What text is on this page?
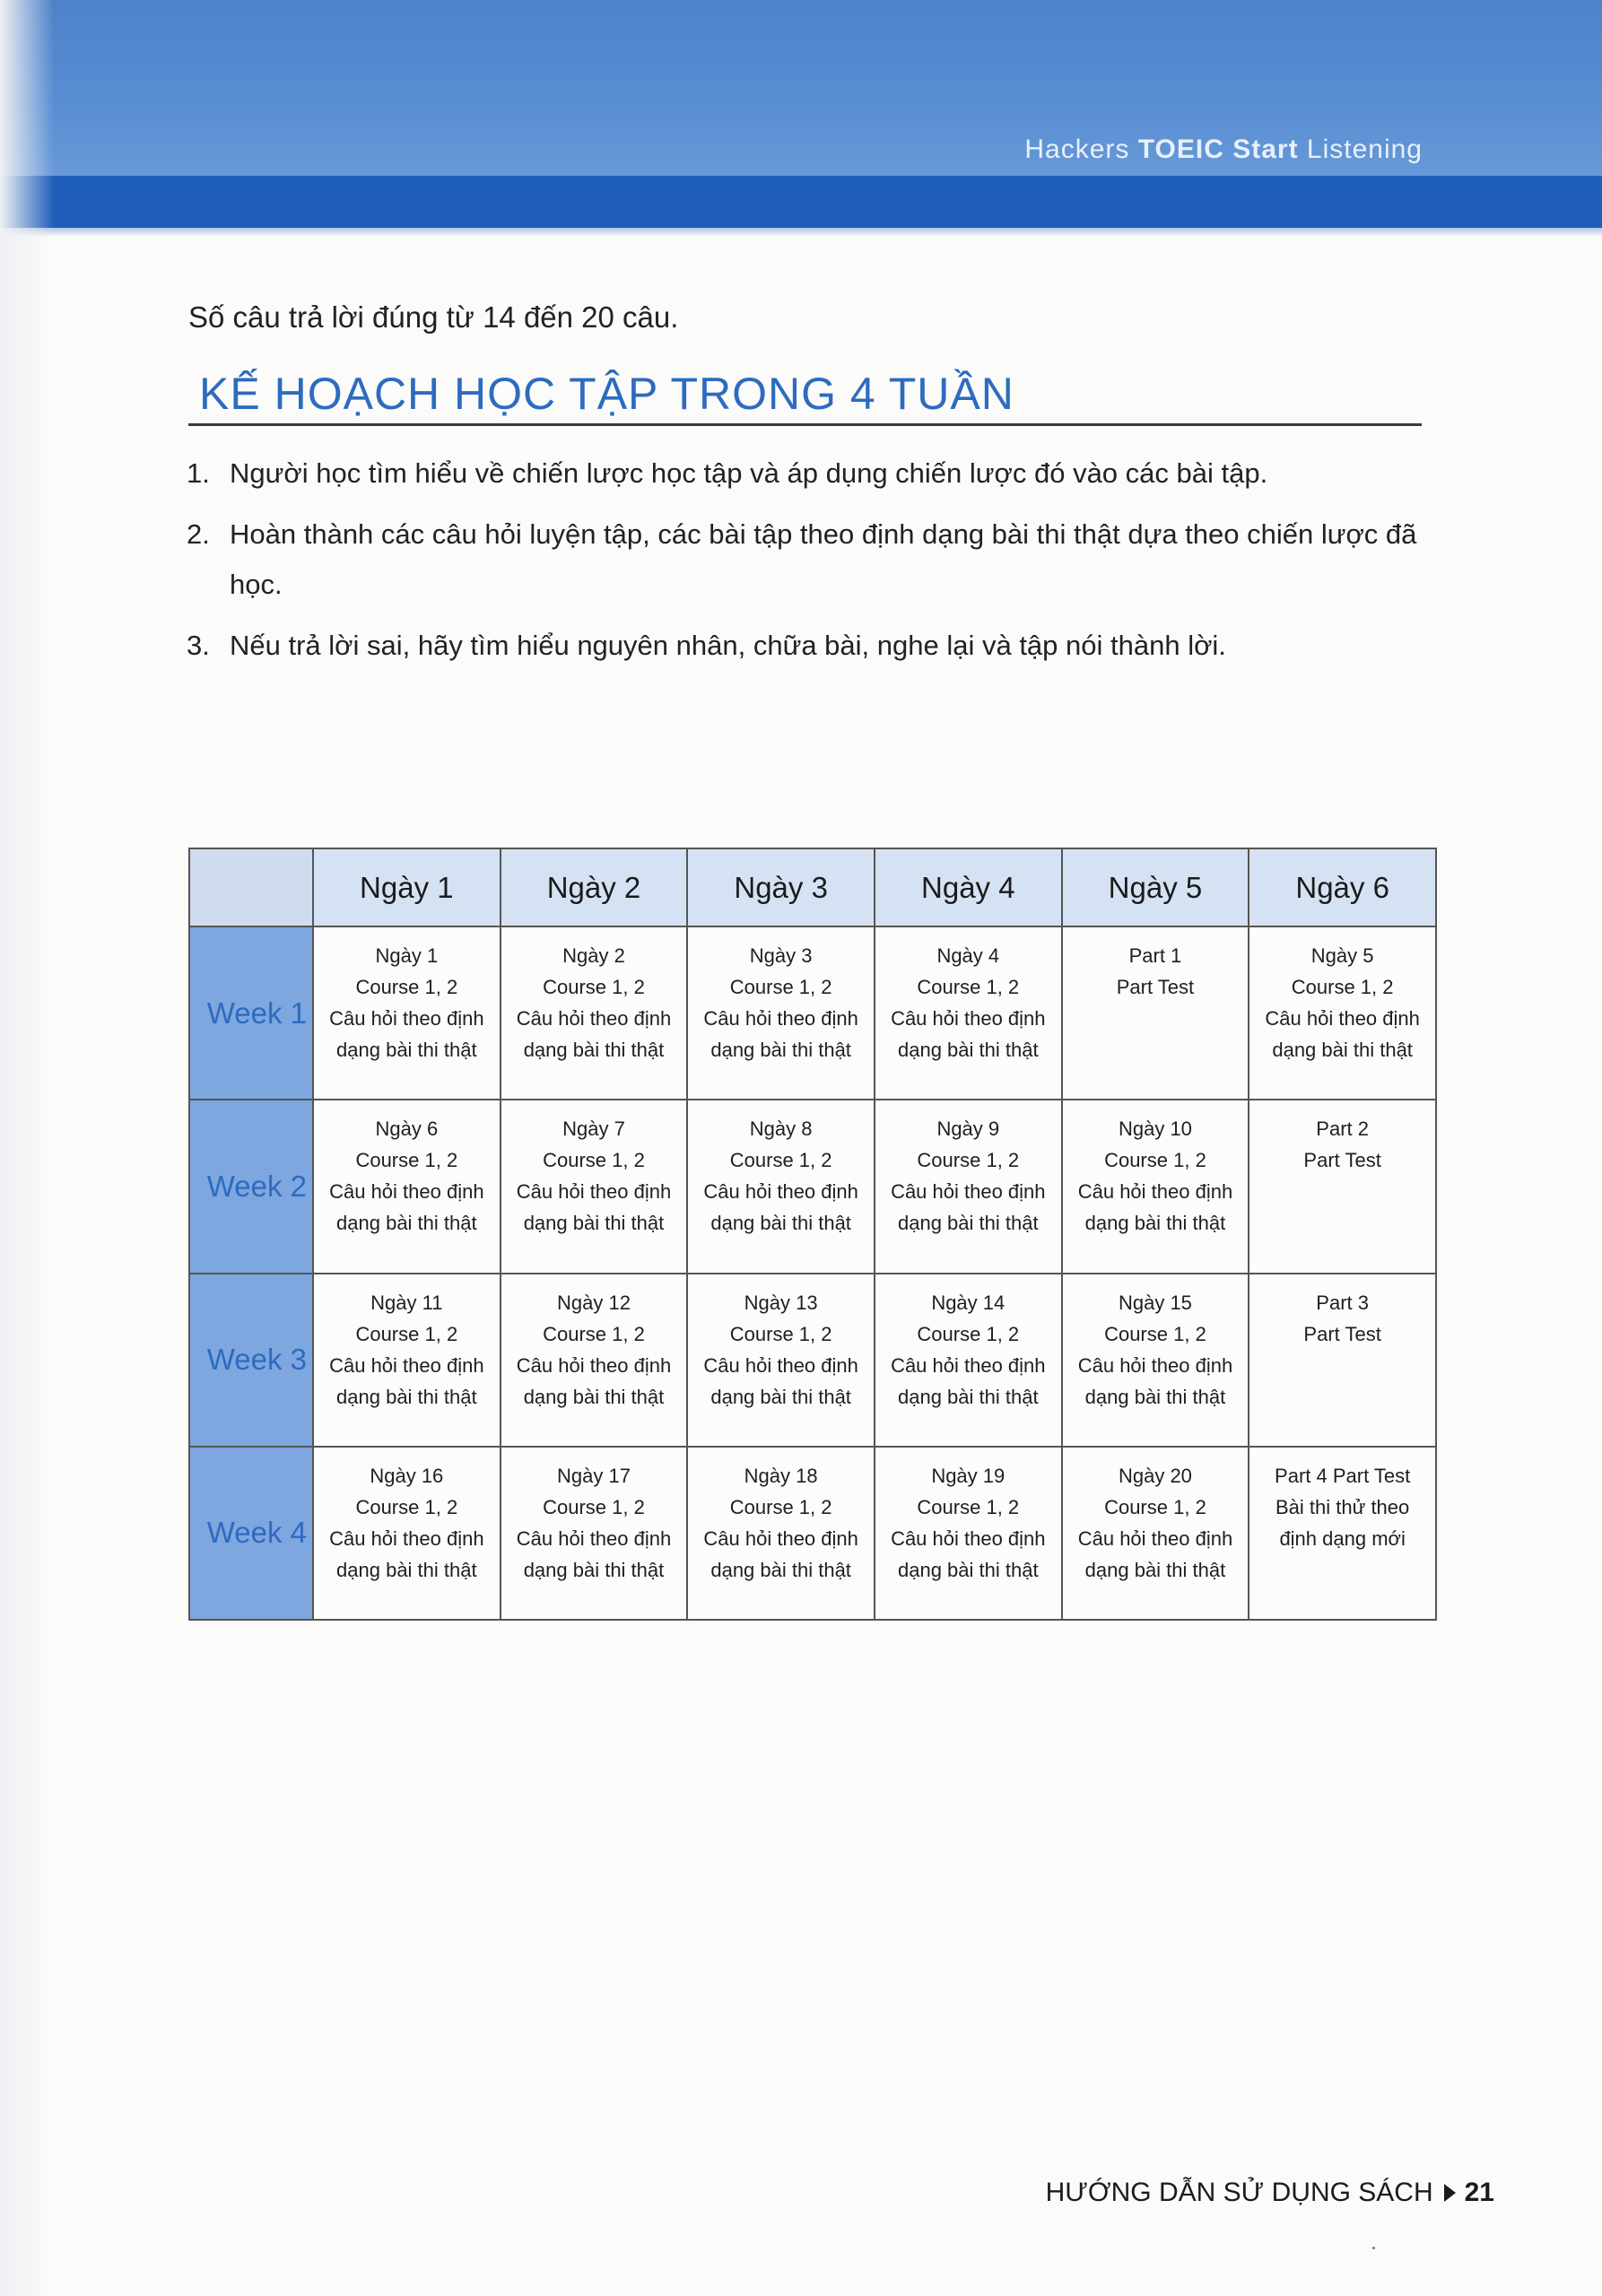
Hackers TOEIC Start Listening
Số câu trả lời đúng từ 14 đến 20 câu.
KẾ HOẠCH HỌC TẬP TRONG 4 TUẦN
1. Người học tìm hiểu về chiến lược học tập và áp dụng chiến lược đó vào các bài tập.
2. Hoàn thành các câu hỏi luyện tập, các bài tập theo định dạng bài thi thật dựa theo chiến lược đã học.
3. Nếu trả lời sai, hãy tìm hiểu nguyên nhân, chữa bài, nghe lại và tập nói thành lời.
	Ngày 1	Ngày 2	Ngày 3	Ngày 4	Ngày 5	Ngày 6
Week 1	Ngày 1
Course 1, 2
Câu hỏi theo định
dạng bài thi thật	Ngày 2
Course 1, 2
Câu hỏi theo định
dạng bài thi thật	Ngày 3
Course 1, 2
Câu hỏi theo định
dạng bài thi thật	Ngày 4
Course 1, 2
Câu hỏi theo định
dạng bài thi thật	Part 1
Part Test	Ngày 5
Course 1, 2
Câu hỏi theo định
dạng bài thi thật

Week 2	Ngày 6
Course 1, 2
Câu hỏi theo định
dạng bài thi thật	Ngày 7
Course 1, 2
Câu hỏi theo định
dạng bài thi thật	Ngày 8
Course 1, 2
Câu hỏi theo định
dạng bài thi thật	Ngày 9
Course 1, 2
Câu hỏi theo định
dạng bài thi thật	Ngày 10
Course 1, 2
Câu hỏi theo định
dạng bài thi thật	Part 2
Part Test

Week 3	Ngày 11
Course 1, 2
Câu hỏi theo định
dạng bài thi thật	Ngày 12
Course 1, 2
Câu hỏi theo định
dạng bài thi thật	Ngày 13
Course 1, 2
Câu hỏi theo định
dạng bài thi thật	Ngày 14
Course 1, 2
Câu hỏi theo định
dạng bài thi thật	Ngày 15
Course 1, 2
Câu hỏi theo định
dạng bài thi thật	Part 3
Part Test

Week 4	Ngày 16
Course 1, 2
Câu hỏi theo định
dạng bài thi thật	Ngày 17
Course 1, 2
Câu hỏi theo định
dạng bài thi thật	Ngày 18
Course 1, 2
Câu hỏi theo định
dạng bài thi thật	Ngày 19
Course 1, 2
Câu hỏi theo định
dạng bài thi thật	Ngày 20
Course 1, 2
Câu hỏi theo định
dạng bài thi thật	Part 4 Part Test
Bài thi thử theo
định dạng mới
HƯỚNG DẪN SỬ DỤNG SÁCH 21
